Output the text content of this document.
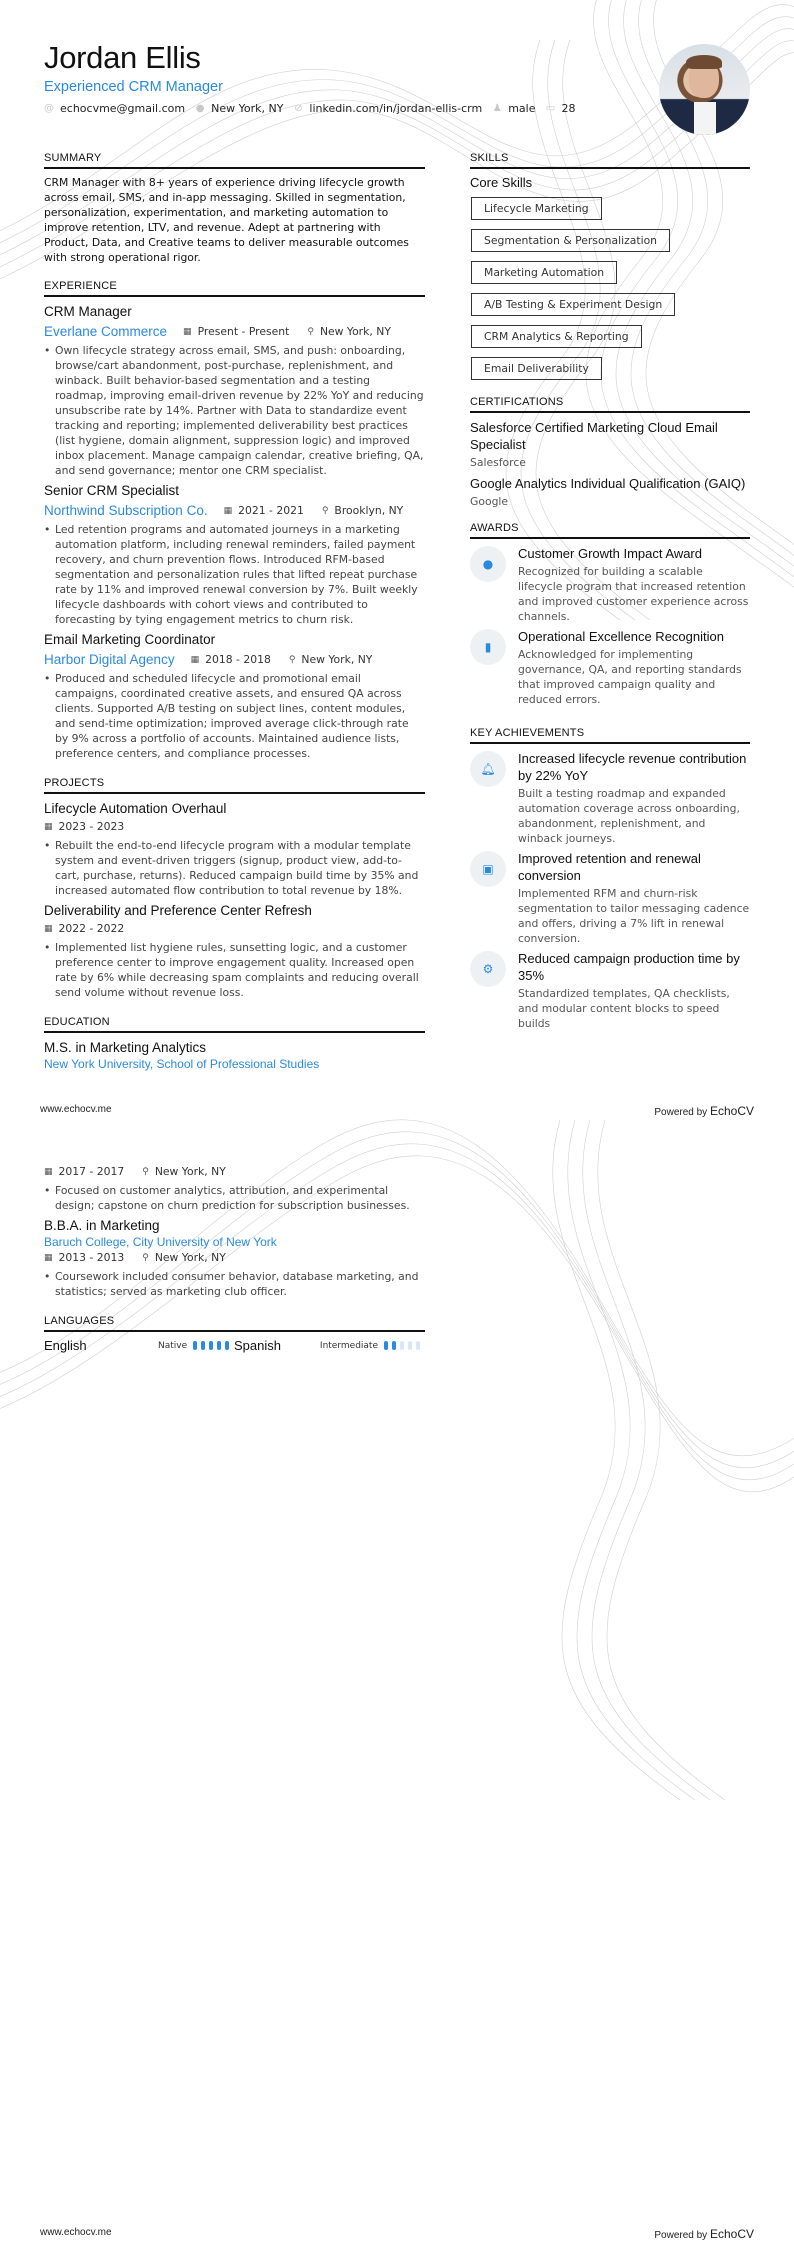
Jordan Ellis
Experienced CRM Manager
@ echocvme@gmail.com ● New York, NY ⊘ linkedin.com/in/jordan-ellis-crm ♟ male ▭ 28
SUMMARY
CRM Manager with 8+ years of experience driving lifecycle growth across email, SMS, and in-app messaging. Skilled in segmentation, personalization, experimentation, and marketing automation to improve retention, LTV, and revenue. Adept at partnering with Product, Data, and Creative teams to deliver measurable outcomes with strong operational rigor.
EXPERIENCE
CRM Manager
Everlane Commerce ▦ Present - Present ⚲ New York, NY
• Own lifecycle strategy across email, SMS, and push: onboarding, browse/cart abandonment, post-purchase, replenishment, and winback. Built behavior-based segmentation and a testing roadmap, improving email-driven revenue by 22% YoY and reducing unsubscribe rate by 14%. Partner with Data to standardize event tracking and reporting; implemented deliverability best practices (list hygiene, domain alignment, suppression logic) and improved inbox placement. Manage campaign calendar, creative briefing, QA, and send governance; mentor one CRM specialist.
Senior CRM Specialist
Northwind Subscription Co. ▦ 2021 - 2021 ⚲ Brooklyn, NY
• Led retention programs and automated journeys in a marketing automation platform, including renewal reminders, failed payment recovery, and churn prevention flows. Introduced RFM-based segmentation and personalization rules that lifted repeat purchase rate by 11% and improved renewal conversion by 7%. Built weekly lifecycle dashboards with cohort views and contributed to forecasting by tying engagement metrics to churn risk.
Email Marketing Coordinator
Harbor Digital Agency ▦ 2018 - 2018 ⚲ New York, NY
• Produced and scheduled lifecycle and promotional email campaigns, coordinated creative assets, and ensured QA across clients. Supported A/B testing on subject lines, content modules, and send-time optimization; improved average click-through rate by 9% across a portfolio of accounts. Maintained audience lists, preference centers, and compliance processes.
PROJECTS
Lifecycle Automation Overhaul
▦ 2023 - 2023
• Rebuilt the end-to-end lifecycle program with a modular template system and event-driven triggers (signup, product view, add-to-cart, purchase, returns). Reduced campaign build time by 35% and increased automated flow contribution to total revenue by 18%.
Deliverability and Preference Center Refresh
▦ 2022 - 2022
• Implemented list hygiene rules, sunsetting logic, and a customer preference center to improve engagement quality. Increased open rate by 6% while decreasing spam complaints and reducing overall send volume without revenue loss.
EDUCATION
M.S. in Marketing Analytics
New York University, School of Professional Studies
SKILLS
Core Skills
Lifecycle Marketing
Segmentation & Personalization
Marketing Automation
A/B Testing & Experiment Design
CRM Analytics & Reporting
Email Deliverability
CERTIFICATIONS
Salesforce Certified Marketing Cloud Email Specialist
Salesforce
Google Analytics Individual Qualification (GAIQ)
Google
AWARDS
●
Customer Growth Impact Award
Recognized for building a scalable lifecycle program that increased retention and improved customer experience across channels.
▮
Operational Excellence Recognition
Acknowledged for implementing governance, QA, and reporting standards that improved campaign quality and reduced errors.
KEY ACHIEVEMENTS
🔔︎
Increased lifecycle revenue contribution by 22% YoY
Built a testing roadmap and expanded automation coverage across onboarding, abandonment, replenishment, and winback journeys.
▣
Improved retention and renewal conversion
Implemented RFM and churn-risk segmentation to tailor messaging cadence and offers, driving a 7% lift in renewal conversion.
⚙
Reduced campaign production time by 35%
Standardized templates, QA checklists, and modular content blocks to speed builds
www.echocv.me	Powered by EchoCV
▦ 2017 - 2017 ⚲ New York, NY
• Focused on customer analytics, attribution, and experimental design; capstone on churn prediction for subscription businesses.
B.B.A. in Marketing
Baruch College, City University of New York
▦ 2013 - 2013 ⚲ New York, NY
• Coursework included consumer behavior, database marketing, and statistics; served as marketing club officer.
LANGUAGES
English	Native	Spanish	Intermediate
www.echocv.me	Powered by EchoCV
